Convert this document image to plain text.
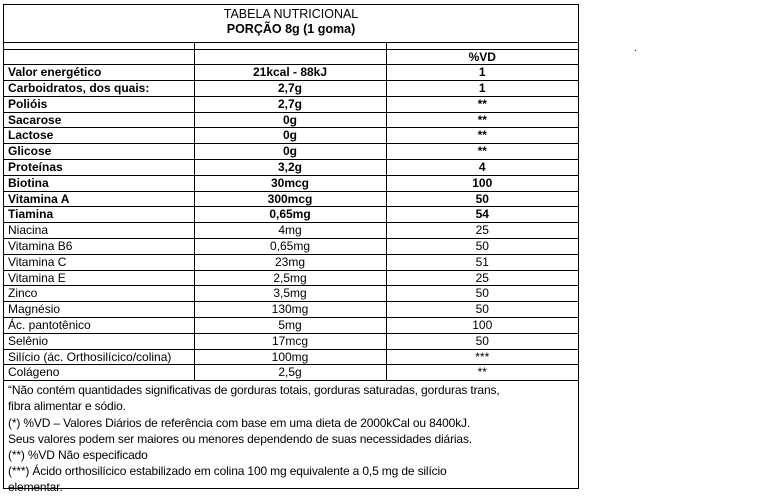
TABELA NUTRICIONAL
PORÇÃO 8g (1 goma)

		%VD
Valor energético	21kcal - 88kJ	1
Carboidratos, dos quais:	2,7g	1
Polióis	2,7g	**
Sacarose	0g	**
Lactose	0g	**
Glicose	0g	**
Proteínas	3,2g	4
Biotina	30mcg	100
Vitamina A	300mcg	50
Tiamina	0,65mg	54
Niacina	4mg	25
Vitamina B6	0,65mg	50
Vitamina C	23mg	51
Vitamina E	2,5mg	25
Zinco	3,5mg	50
Magnésio	130mg	50
Ác. pantotênico	5mg	100
Selênio	17mcg	50
Silício (ác. Orthosilícico/colina)	100mg	***
Colágeno	2,5g	**
“Não contém quantidades significativas de gorduras totais, gorduras saturadas, gorduras trans,
fibra alimentar e sódio.
(*) %VD – Valores Diários de referência com base em uma dieta de 2000kCal ou 8400kJ.
Seus valores podem ser maiores ou menores dependendo de suas necessidades diárias.
(**) %VD Não especificado
(***) Ácido orthosilícico estabilizado em colina 100 mg equivalente a 0,5 mg de silício
elementar.
.
